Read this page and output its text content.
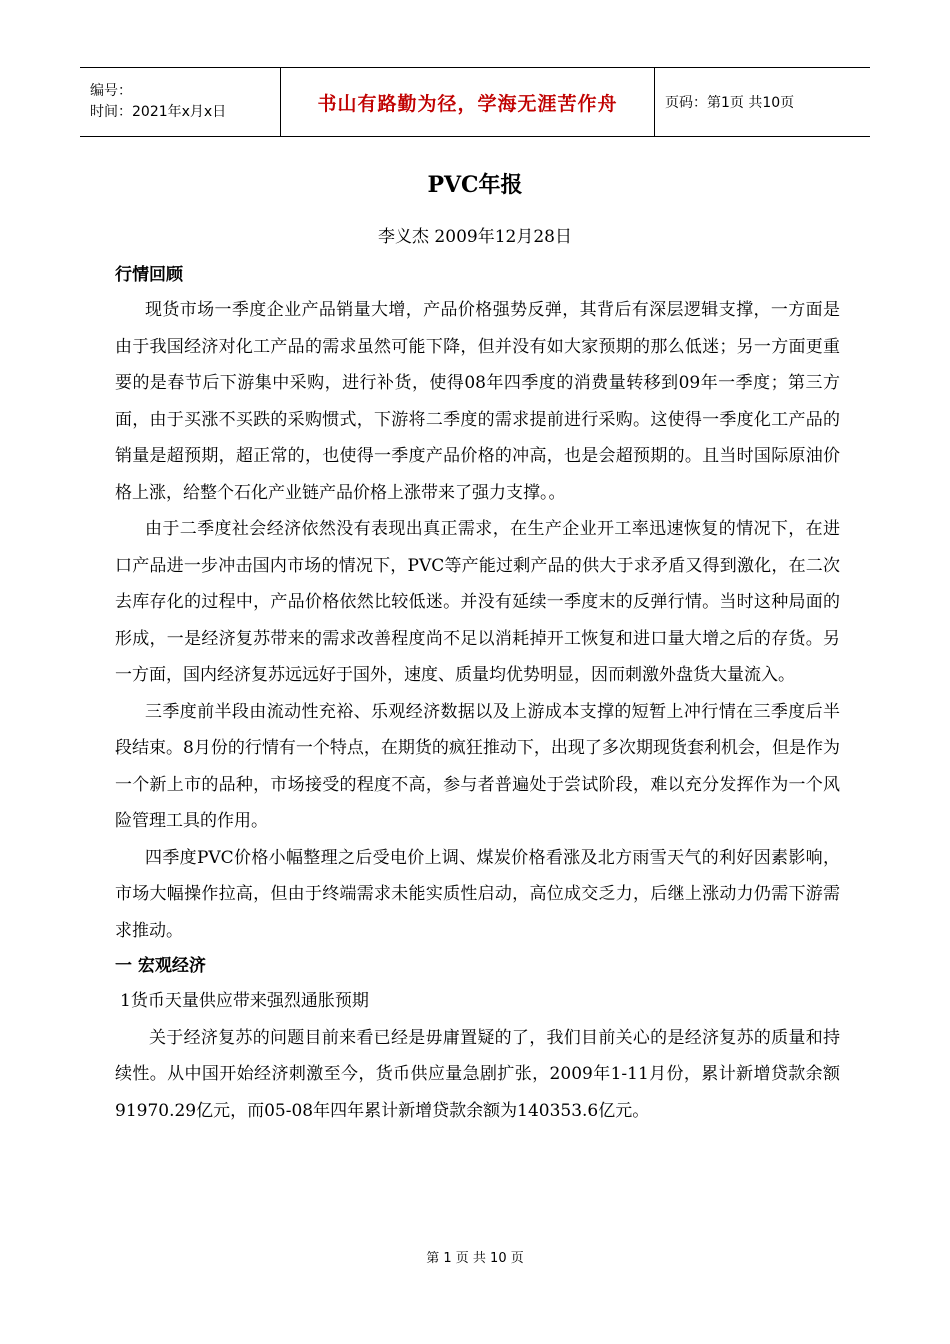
编号：
时间：2021年x月x日	书山有路勤为径，学海无涯苦作舟	页码：第1页 共10页
PVC年报
李义杰 2009年12月28日
行情回顾

现货市场一季度企业产品销量大增，产品价格强势反弹，其背后有深层逻辑支撑，一方面是由于我国经济对化工产品的需求虽然可能下降，但并没有如大家预期的那么低迷；另一方面更重要的是春节后下游集中采购，进行补货，使得08年四季度的消费量转移到09年一季度；第三方面，由于买涨不买跌的采购惯式，下游将二季度的需求提前进行采购。这使得一季度化工产品的销量是超预期，超正常的，也使得一季度产品价格的冲高，也是会超预期的。且当时国际原油价格上涨，给整个石化产业链产品价格上涨带来了强力支撑。。

由于二季度社会经济依然没有表现出真正需求，在生产企业开工率迅速恢复的情况下，在进口产品进一步冲击国内市场的情况下，PVC等产能过剩产品的供大于求矛盾又得到激化，在二次去库存化的过程中，产品价格依然比较低迷。并没有延续一季度末的反弹行情。当时这种局面的形成，一是经济复苏带来的需求改善程度尚不足以消耗掉开工恢复和进口量大增之后的存货。另一方面，国内经济复苏远远好于国外，速度、质量均优势明显，因而刺激外盘货大量流入。

三季度前半段由流动性充裕、乐观经济数据以及上游成本支撑的短暂上冲行情在三季度后半段结束。8月份的行情有一个特点，在期货的疯狂推动下，出现了多次期现货套利机会，但是作为一个新上市的品种，市场接受的程度不高，参与者普遍处于尝试阶段，难以充分发挥作为一个风险管理工具的作用。

四季度PVC价格小幅整理之后受电价上调、煤炭价格看涨及北方雨雪天气的利好因素影响，市场大幅操作拉高，但由于终端需求未能实质性启动，高位成交乏力，后继上涨动力仍需下游需求推动。

一 宏观经济

1货币天量供应带来强烈通胀预期

关于经济复苏的问题目前来看已经是毋庸置疑的了，我们目前关心的是经济复苏的质量和持续性。从中国开始经济刺激至今，货币供应量急剧扩张，2009年1-11月份，累计新增贷款余额91970.29亿元，而05-08年四年累计新增贷款余额为140353.6亿元。

第 1 页 共 10 页
